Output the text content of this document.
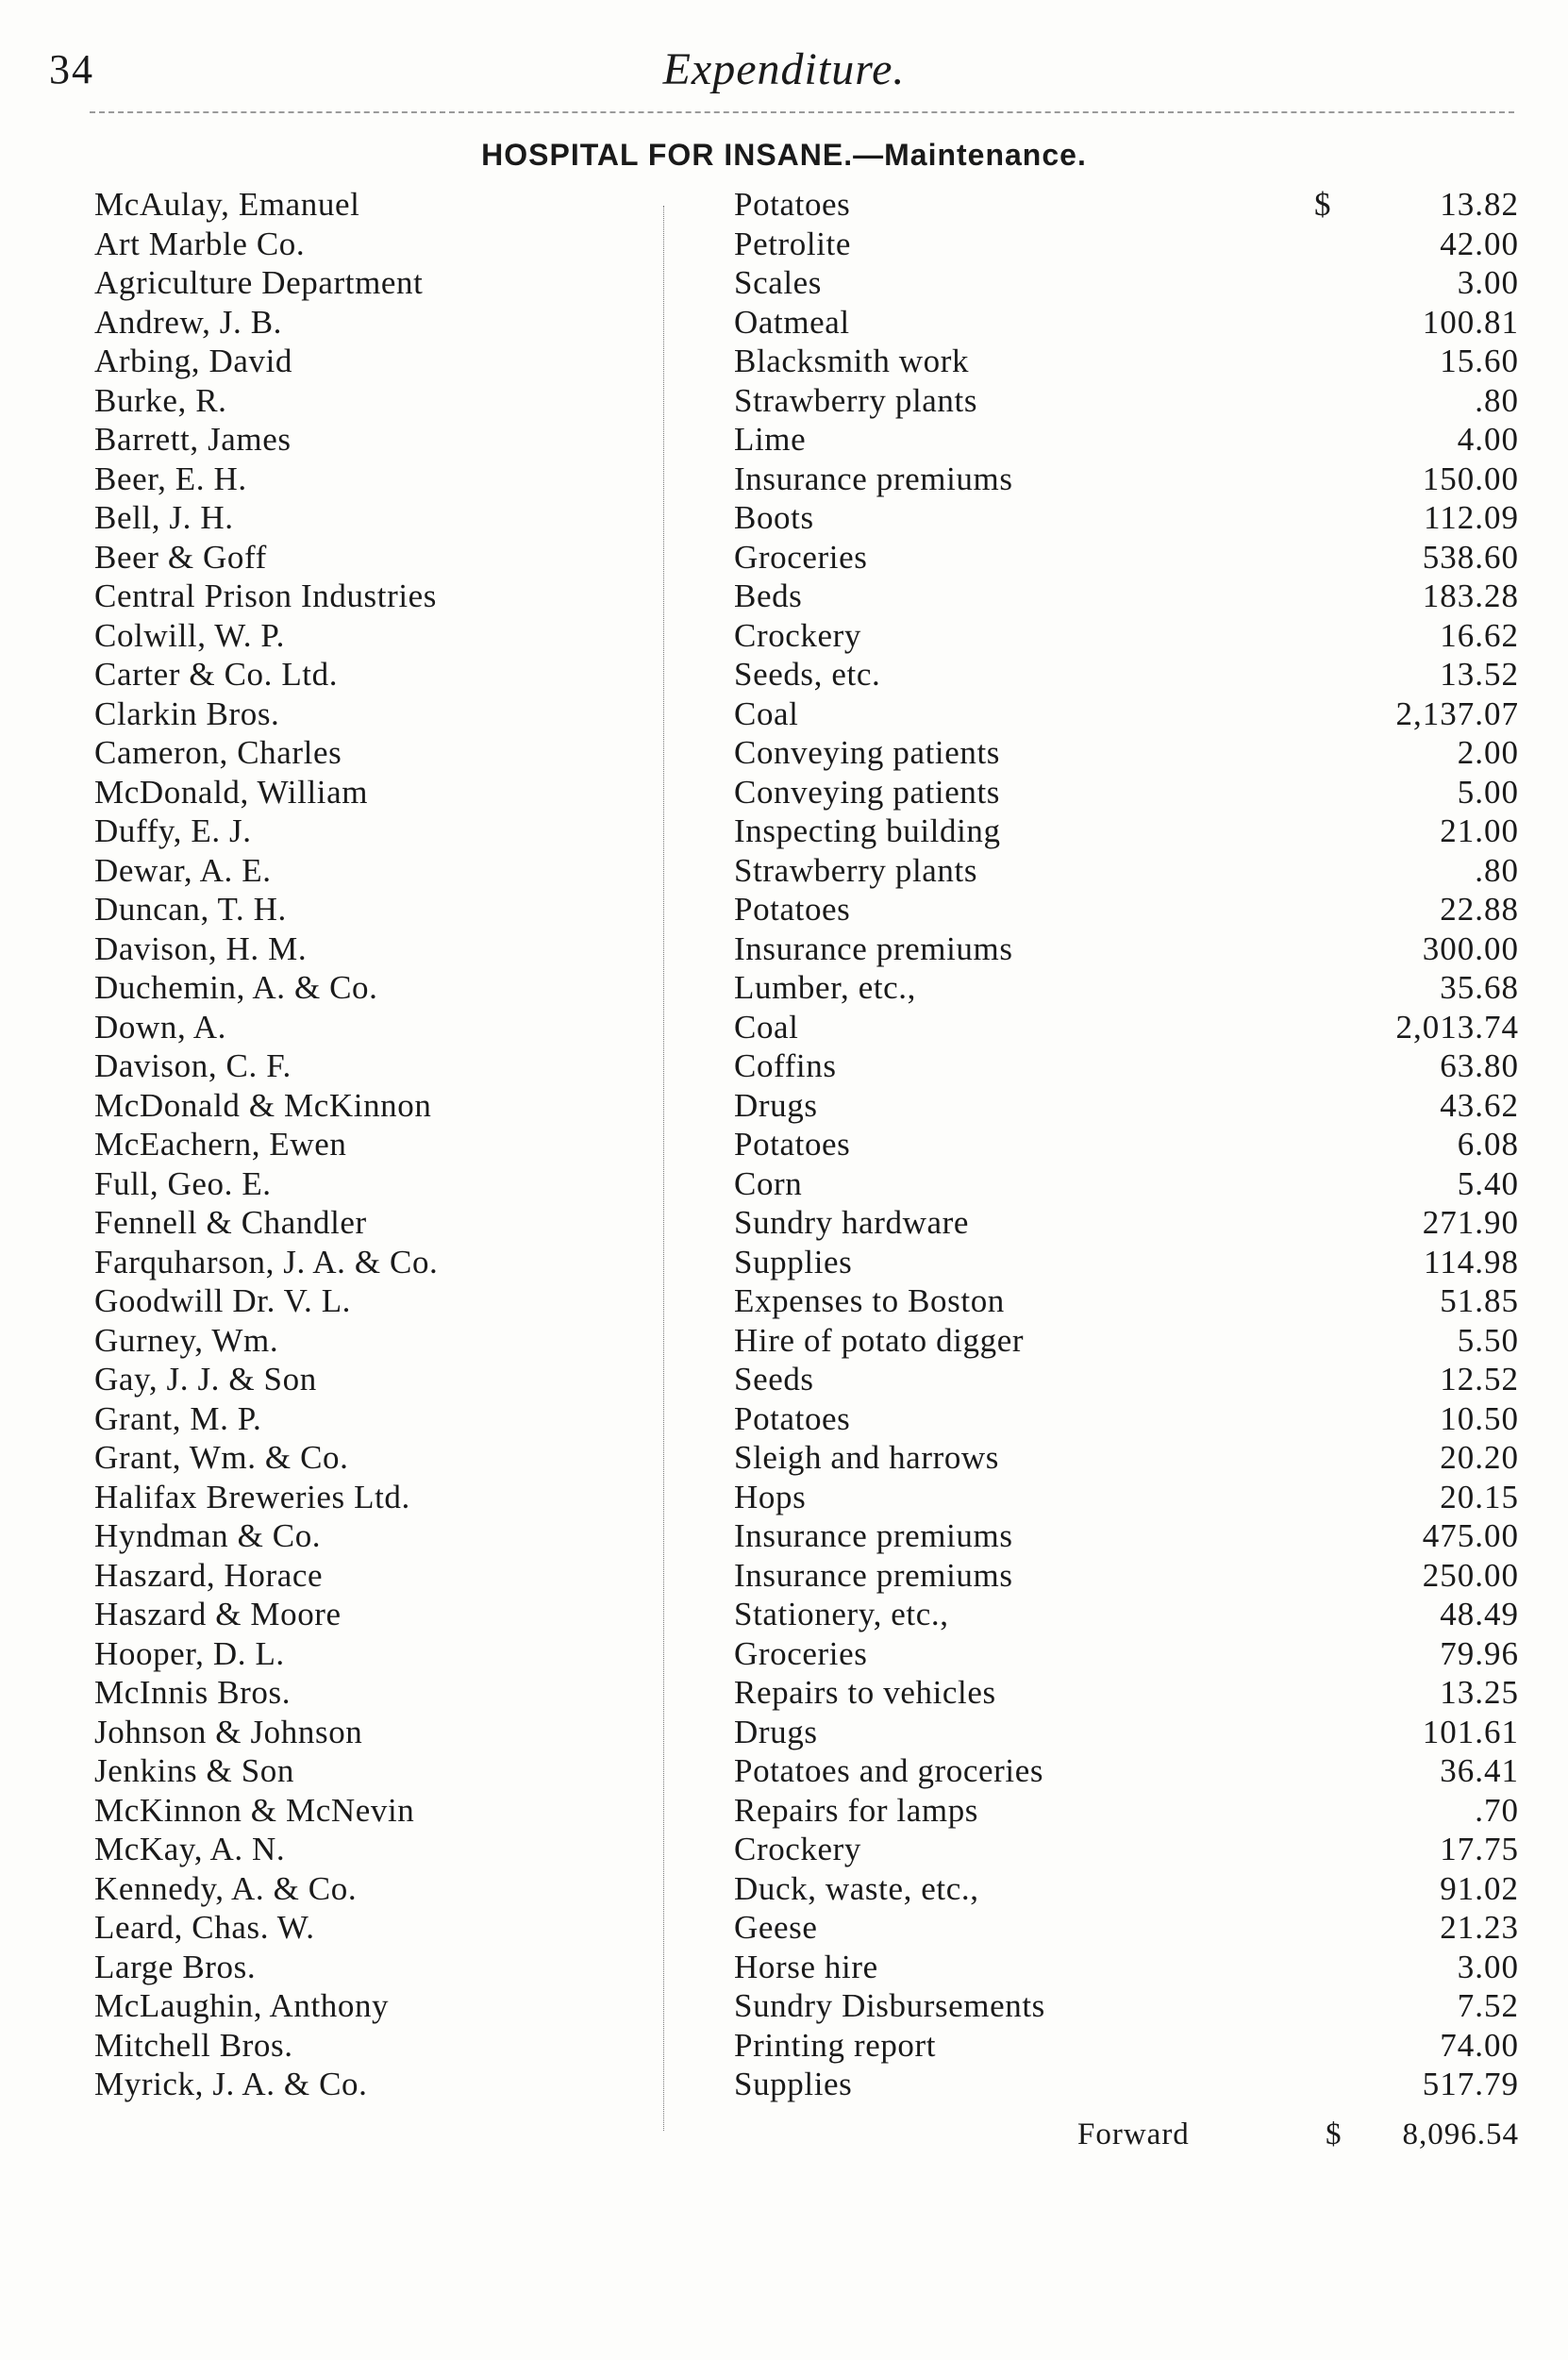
34	Expenditure.
HOSPITAL FOR INSANE.—Maintenance.
McAulay, Emanuel	Potatoes	$	13.82
Art Marble Co.	Petrolite	42.00
Agriculture Department	Scales	3.00
Andrew, J. B.	Oatmeal	100.81
Arbing, David	Blacksmith work	15.60
Burke, R.	Strawberry plants	.80
Barrett, James	Lime	4.00
Beer, E. H.	Insurance premiums	150.00
Bell, J. H.	Boots	112.09
Beer & Goff	Groceries	538.60
Central Prison Industries	Beds	183.28
Colwill, W. P.	Crockery	16.62
Carter & Co. Ltd.	Seeds, etc.	13.52
Clarkin Bros.	Coal	2,137.07
Cameron, Charles	Conveying patients	2.00
McDonald, William	Conveying patients	5.00
Duffy, E. J.	Inspecting building	21.00
Dewar, A. E.	Strawberry plants	.80
Duncan, T. H.	Potatoes	22.88
Davison, H. M.	Insurance premiums	300.00
Duchemin, A. & Co.	Lumber, etc.,	35.68
Down, A.	Coal	2,013.74
Davison, C. F.	Coffins	63.80
McDonald & McKinnon	Drugs	43.62
McEachern, Ewen	Potatoes	6.08
Full, Geo. E.	Corn	5.40
Fennell & Chandler	Sundry hardware	271.90
Farquharson, J. A. & Co.	Supplies	114.98
Goodwill Dr. V. L.	Expenses to Boston	51.85
Gurney, Wm.	Hire of potato digger	5.50
Gay, J. J. & Son	Seeds	12.52
Grant, M. P.	Potatoes	10.50
Grant, Wm. & Co.	Sleigh and harrows	20.20
Halifax Breweries Ltd.	Hops	20.15
Hyndman & Co.	Insurance premiums	475.00
Haszard, Horace	Insurance premiums	250.00
Haszard & Moore	Stationery, etc.,	48.49
Hooper, D. L.	Groceries	79.96
McInnis Bros.	Repairs to vehicles	13.25
Johnson & Johnson	Drugs	101.61
Jenkins & Son	Potatoes and groceries	36.41
McKinnon & McNevin	Repairs for lamps	.70
McKay, A. N.	Crockery	17.75
Kennedy, A. & Co.	Duck, waste, etc.,	91.02
Leard, Chas. W.	Geese	21.23
Large Bros.	Horse hire	3.00
McLaughin, Anthony	Sundry Disbursements	7.52
Mitchell Bros.	Printing report	74.00
Myrick, J. A. & Co.	Supplies	517.79
Forward	$ 8,096.54
